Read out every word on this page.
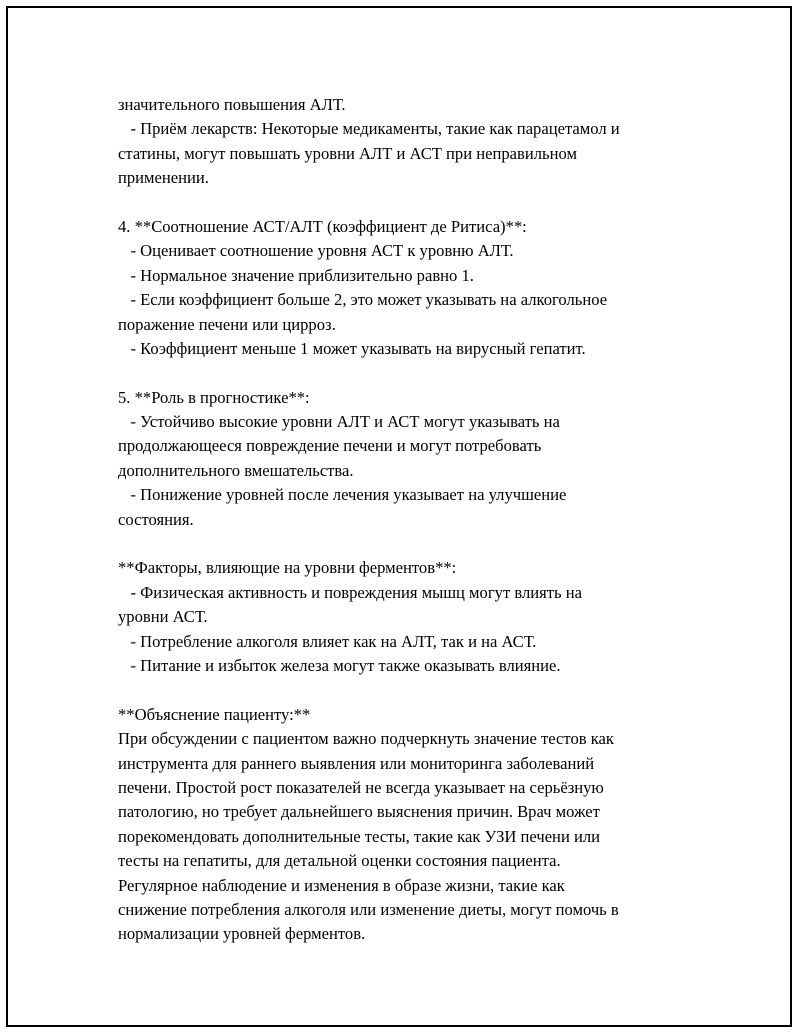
значительного повышения АЛТ.
- Приём лекарств: Некоторые медикаменты, такие как парацетамол и
статины, могут повышать уровни АЛТ и АСТ при неправильном
применении.
4. **Соотношение АСТ/АЛТ (коэффициент де Ритиса)**:
- Оценивает соотношение уровня АСТ к уровню АЛТ.
- Нормальное значение приблизительно равно 1.
- Если коэффициент больше 2, это может указывать на алкогольное
поражение печени или цирроз.
- Коэффициент меньше 1 может указывать на вирусный гепатит.
5. **Роль в прогностике**:
- Устойчиво высокие уровни АЛТ и АСТ могут указывать на
продолжающееся повреждение печени и могут потребовать
дополнительного вмешательства.
- Понижение уровней после лечения указывает на улучшение
состояния.
**Факторы, влияющие на уровни ферментов**:
- Физическая активность и повреждения мышц могут влиять на
уровни АСТ.
- Потребление алкоголя влияет как на АЛТ, так и на АСТ.
- Питание и избыток железа могут также оказывать влияние.
**Объяснение пациенту:**
При обсуждении с пациентом важно подчеркнуть значение тестов как
инструмента для раннего выявления или мониторинга заболеваний
печени. Простой рост показателей не всегда указывает на серьёзную
патологию, но требует дальнейшего выяснения причин. Врач может
порекомендовать дополнительные тесты, такие как УЗИ печени или
тесты на гепатиты, для детальной оценки состояния пациента.
Регулярное наблюдение и изменения в образе жизни, такие как
снижение потребления алкоголя или изменение диеты, могут помочь в
нормализации уровней ферментов.
